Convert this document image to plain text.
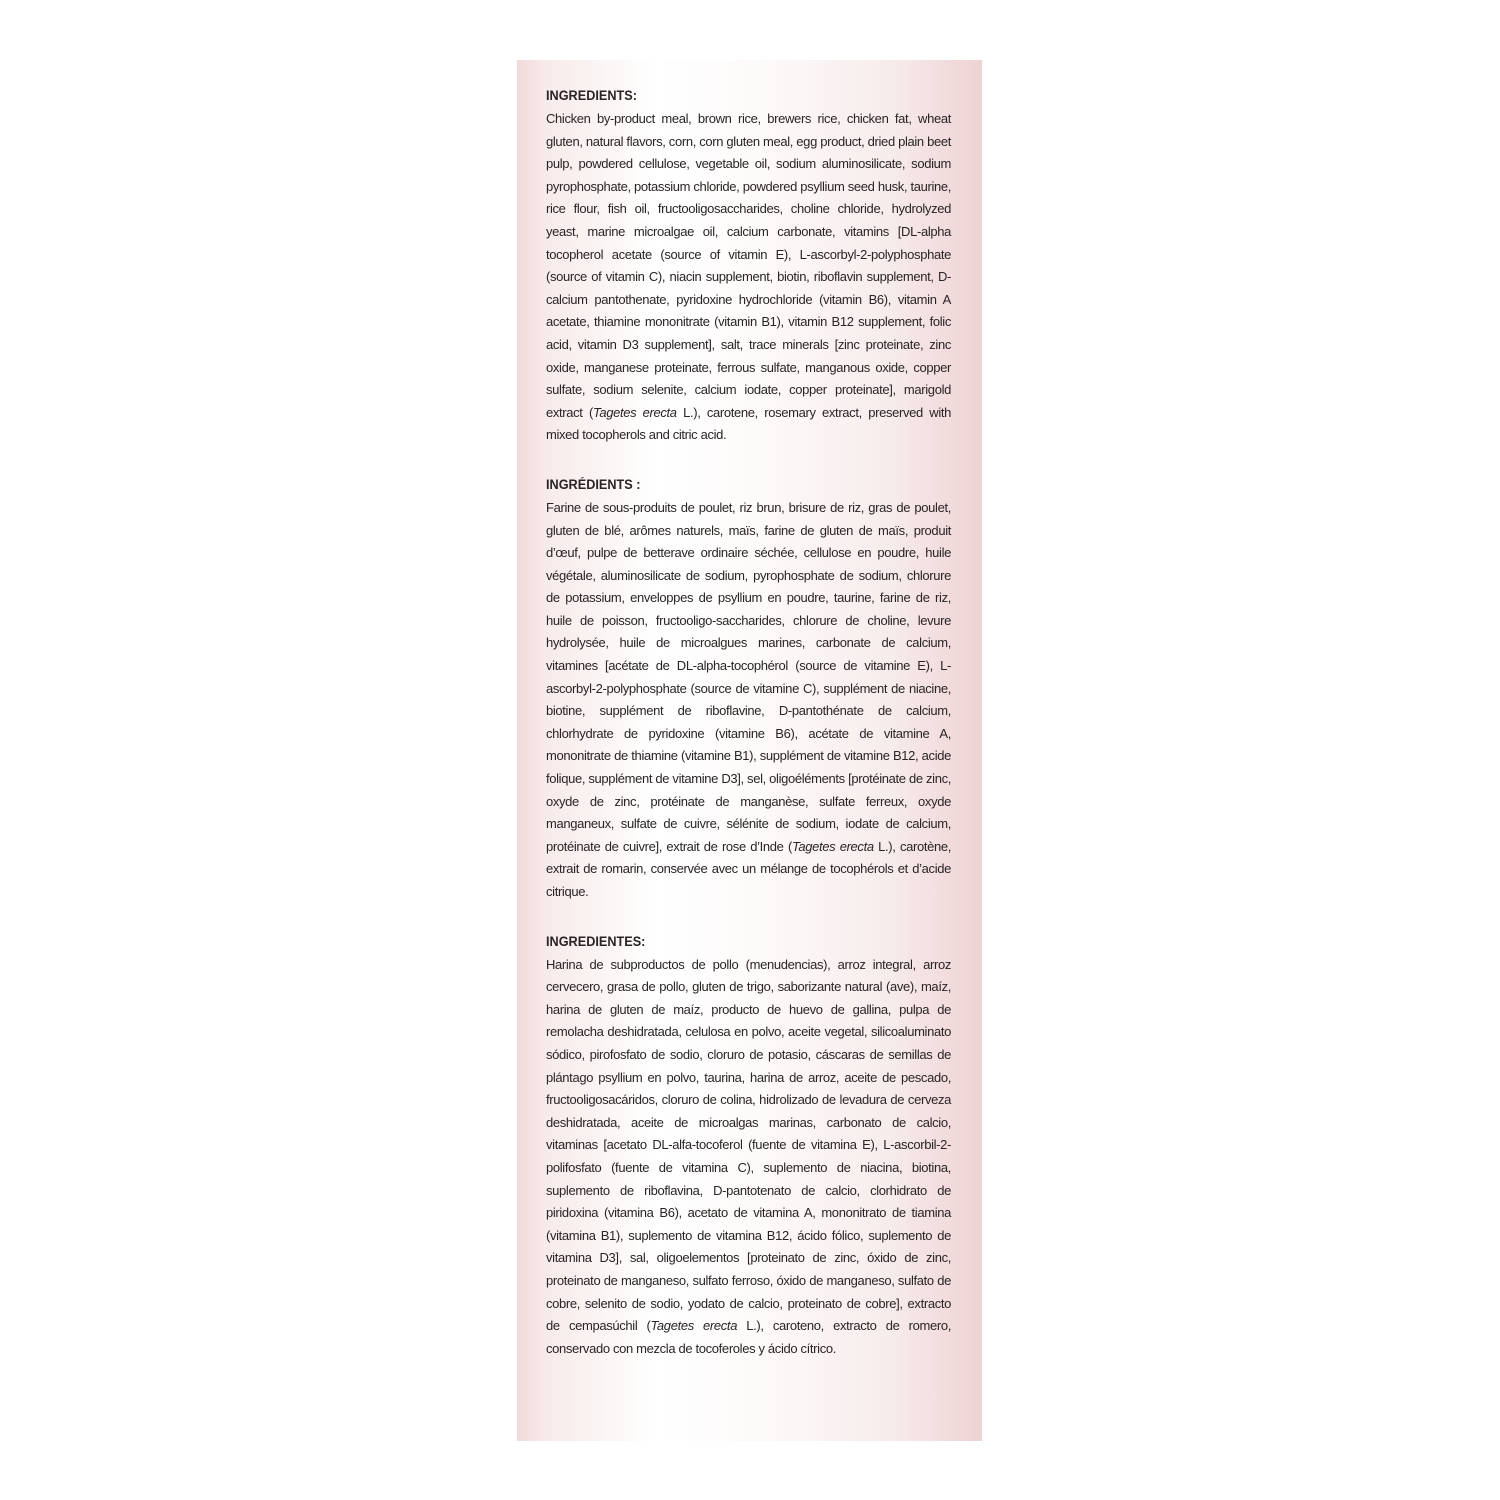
INGREDIENTS:

Chicken by-product meal, brown rice, brewers rice, chicken fat, wheat gluten, natural flavors, corn, corn gluten meal, egg product, dried plain beet pulp, powdered cellulose, vegetable oil, sodium aluminosilicate, sodium pyrophosphate, potassium chloride, powdered psyllium seed husk, taurine, rice flour, fish oil, fructooligosaccharides, choline chloride, hydrolyzed yeast, marine microalgae oil, calcium carbonate, vitamins [DL-alpha tocopherol acetate (source of vitamin E), L-ascorbyl-2-polyphosphate (source of vitamin C), niacin supplement, biotin, riboflavin supplement, D-calcium pantothenate, pyridoxine hydrochloride (vitamin B6), vitamin A acetate, thiamine mononitrate (vitamin B1), vitamin B12 supplement, folic acid, vitamin D3 supplement], salt, trace minerals [zinc proteinate, zinc oxide, manganese proteinate, ferrous sulfate, manganous oxide, copper sulfate, sodium selenite, calcium iodate, copper proteinate], marigold extract (Tagetes erecta L.), carotene, rosemary extract, preserved with mixed tocopherols and citric acid.

INGRÉDIENTS :

Farine de sous-produits de poulet, riz brun, brisure de riz, gras de poulet, gluten de blé, arômes naturels, maïs, farine de gluten de maïs, produit d’œuf, pulpe de betterave ordinaire séchée, cellulose en poudre, huile végétale, aluminosilicate de sodium, pyrophosphate de sodium, chlorure de potassium, enveloppes de psyllium en poudre, taurine, farine de riz, huile de poisson, fructooligo-saccharides, chlorure de choline, levure hydrolysée, huile de microalgues marines, carbonate de calcium, vitamines [acétate de DL-alpha-tocophérol (source de vitamine E), L-ascorbyl-2-polyphosphate (source de vitamine C), supplément de niacine, biotine, supplément de riboflavine, D-pantothénate de calcium, chlorhydrate de pyridoxine (vitamine B6), acétate de vitamine A, mononitrate de thiamine (vitamine B1), supplément de vitamine B12, acide folique, supplément de vitamine D3], sel, oligoéléments [protéinate de zinc, oxyde de zinc, protéinate de manganèse, sulfate ferreux, oxyde manganeux, sulfate de cuivre, sélénite de sodium, iodate de calcium, protéinate de cuivre], extrait de rose d’Inde (Tagetes erecta L.), carotène, extrait de romarin, conservée avec un mélange de tocophérols et d’acide citrique.

INGREDIENTES:

Harina de subproductos de pollo (menudencias), arroz integral, arroz cervecero, grasa de pollo, gluten de trigo, saborizante natural (ave), maíz, harina de gluten de maíz, producto de huevo de gallina, pulpa de remolacha deshidratada, celulosa en polvo, aceite vegetal, silicoaluminato sódico, pirofosfato de sodio, cloruro de potasio, cáscaras de semillas de plántago psyllium en polvo, taurina, harina de arroz, aceite de pescado, fructooligosacáridos, cloruro de colina, hidrolizado de levadura de cerveza deshidratada, aceite de microalgas marinas, carbonato de calcio, vitaminas [acetato DL-alfa-tocoferol (fuente de vitamina E), L-ascorbil-2-polifosfato (fuente de vitamina C), suplemento de niacina, biotina, suplemento de riboflavina, D-pantotenato de calcio, clorhidrato de piridoxina (vitamina B6), acetato de vitamina A, mononitrato de tiamina (vitamina B1), suplemento de vitamina B12, ácido fólico, suplemento de vitamina D3], sal, oligoelementos [proteinato de zinc, óxido de zinc, proteinato de manganeso, sulfato ferroso, óxido de manganeso, sulfato de cobre, selenito de sodio, yodato de calcio, proteinato de cobre], extracto de cempasúchil (Tagetes erecta L.), caroteno, extracto de romero, conservado con mezcla de tocoferoles y ácido cítrico.
